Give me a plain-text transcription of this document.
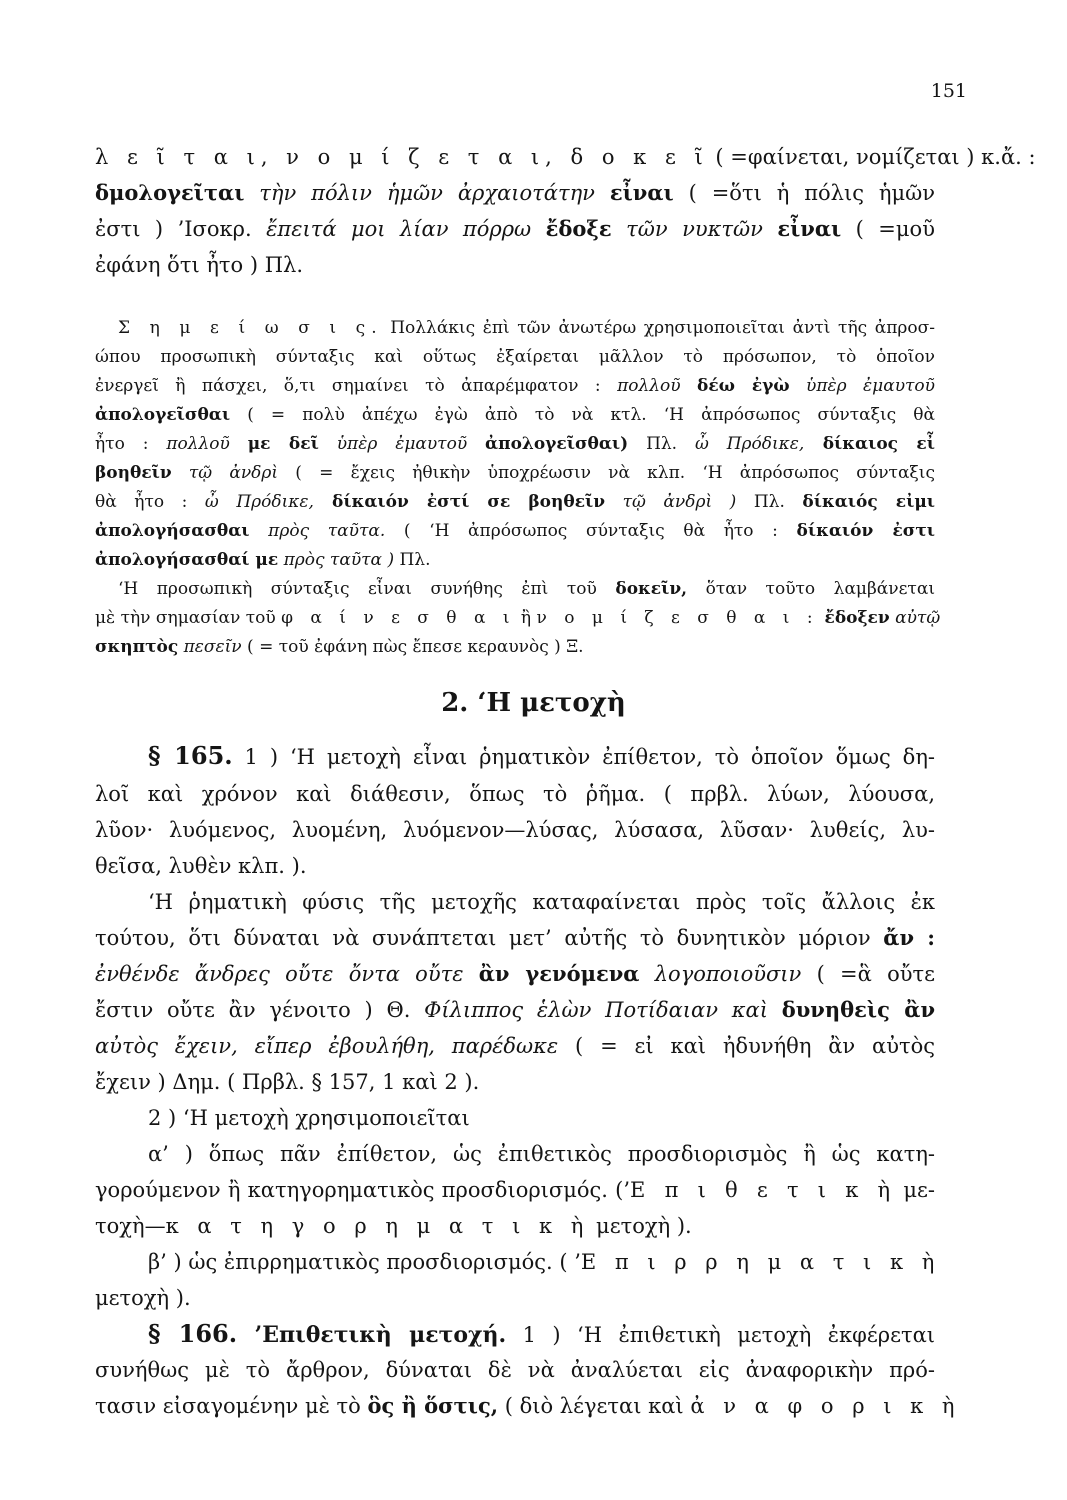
151
λ ε ῖ τ α ι, ν ο μ ί ζ ε τ α ι, δ ο κ ε ῖ ( =φαίνεται, νομίζεται ) κ.ἄ. :
δμολογεῖται τὴν πόλιν ἡμῶν ἀρχαιοτάτην εἶναι ( =ὅτι ἡ πόλις ἡμῶν
ἐστι ) ’Ισοκρ. ἔπειτά μοι λίαν πόρρω ἔδοξε τῶν νυκτῶν εἶναι ( =μοῦ
ἐφάνη ὅτι ἦτο ) Πλ.
Σ η μ ε ί ω σ ι ς. Πολλάκις ἐπὶ τῶν ἀνωτέρω χρησιμοποιεῖται ἀντὶ τῆς ἀπροσ-
ώπου προσωπικὴ σύνταξις καὶ οὕτως ἐξαίρεται μᾶλλον τὸ πρόσωπον, τὸ ὁποῖον
ἐνεργεῖ ἢ πάσχει, ὅ,τι σημαίνει τὸ ἀπαρέμφατον : πολλοῦ δέω ἐγὼ ὑπὲρ ἐμαυτοῦ
ἀπολογεῖσθαι ( = πολὺ ἀπέχω ἐγὼ ἀπὸ τὸ νὰ κτλ. ‘Η ἀπρόσωπος σύνταξις θὰ
ἦτο : πολλοῦ με δεῖ ὑπὲρ ἐμαυτοῦ ἀπολογεῖσθαι) Πλ. ὦ Πρόδικε, δίκαιος εἶ
βοηθεῖν τῷ ἀνδρὶ ( = ἔχεις ἠθικὴν ὑποχρέωσιν νὰ κλπ. ‘Η ἀπρόσωπος σύνταξις
θὰ ἦτο : ὦ Πρόδικε, δίκαιόν ἐστί σε βοηθεῖν τῷ ἀνδρὶ ) Πλ. δίκαιός εἰμι
ἀπολογήσασθαι πρὸς ταῦτα. ( ‘Η ἀπρόσωπος σύνταξις θὰ ἦτο : δίκαιόν ἐστι
ἀπολογήσασθαί με πρὸς ταῦτα ) Πλ.
‘Η προσωπικὴ σύνταξις εἶναι συνήθης ἐπὶ τοῦ δοκεῖν, ὅταν τοῦτο λαμβάνεται
μὲ τὴν σημασίαν τοῦ φ α ί ν ε σ θ α ι ἢ ν ο μ ί ζ ε σ θ α ι : ἔδοξεν αὐτῷ
σκηπτὸς πεσεῖν ( = τοῦ ἐφάνη πὼς ἔπεσε κεραυνὸς ) Ξ.
2. ‘Η μετοχὴ
§ 165. 1 ) ‘Η μετοχὴ εἶναι ῥηματικὸν ἐπίθετον, τὸ ὁποῖον ὅμως δη-
λοῖ καὶ χρόνον καὶ διάθεσιν, ὅπως τὸ ῥῆμα. ( πρβλ. λύων, λύουσα,
λῦον· λυόμενος, λυομένη, λυόμενον—λύσας, λύσασα, λῦσαν· λυθείς, λυ-
θεῖσα, λυθὲν κλπ. ).
‘Η ῥηματικὴ φύσις τῆς μετοχῆς καταφαίνεται πρὸς τοῖς ἄλλοις ἐκ
τούτου, ὅτι δύναται νὰ συνάπτεται μετ’ αὐτῆς τὸ δυνητικὸν μόριον ἄν :
ἐνθένδε ἄνδρες οὔτε ὄντα οὔτε ἂν γενόμενα λογοποιοῦσιν ( =ἃ οὔτε
ἔστιν οὔτε ἂν γένοιτο ) Θ. Φίλιππος ἑλὼν Ποτίδαιαν καὶ δυνηθεὶς ἂν
αὐτὸς ἔχειν, εἴπερ ἐβουλήθη, παρέδωκε ( = εἰ καὶ ἠδυνήθη ἂν αὐτὸς
ἔχειν ) Δημ. ( Πρβλ. § 157, 1 καὶ 2 ).
2 ) ‘Η μετοχὴ χρησιμοποιεῖται
α’ ) ὅπως πᾶν ἐπίθετον, ὡς ἐπιθετικὸς προσδιορισμὸς ἢ ὡς κατη-
γορούμενον ἢ κατηγορηματικὸς προσδιορισμός. (’Ε π ι θ ε τ ι κ ὴ με-
τοχὴ—κ α τ η γ ο ρ η μ α τ ι κ ὴ μετοχὴ ).
β’ ) ὡς ἐπιρρηματικὸς προσδιορισμός. ( ’Ε π ι ρ ρ η μ α τ ι κ ὴ
μετοχὴ ).
§ 166. ’Επιθετικὴ μετοχή. 1 ) ‘Η ἐπιθετικὴ μετοχὴ ἐκφέρεται
συνήθως μὲ τὸ ἄρθρον, δύναται δὲ νὰ ἀναλύεται εἰς ἀναφορικὴν πρό-
τασιν εἰσαγομένην μὲ τὸ ὃς ἢ ὅστις, ( διὸ λέγεται καὶ ἀ ν α φ ο ρ ι κ ὴ
